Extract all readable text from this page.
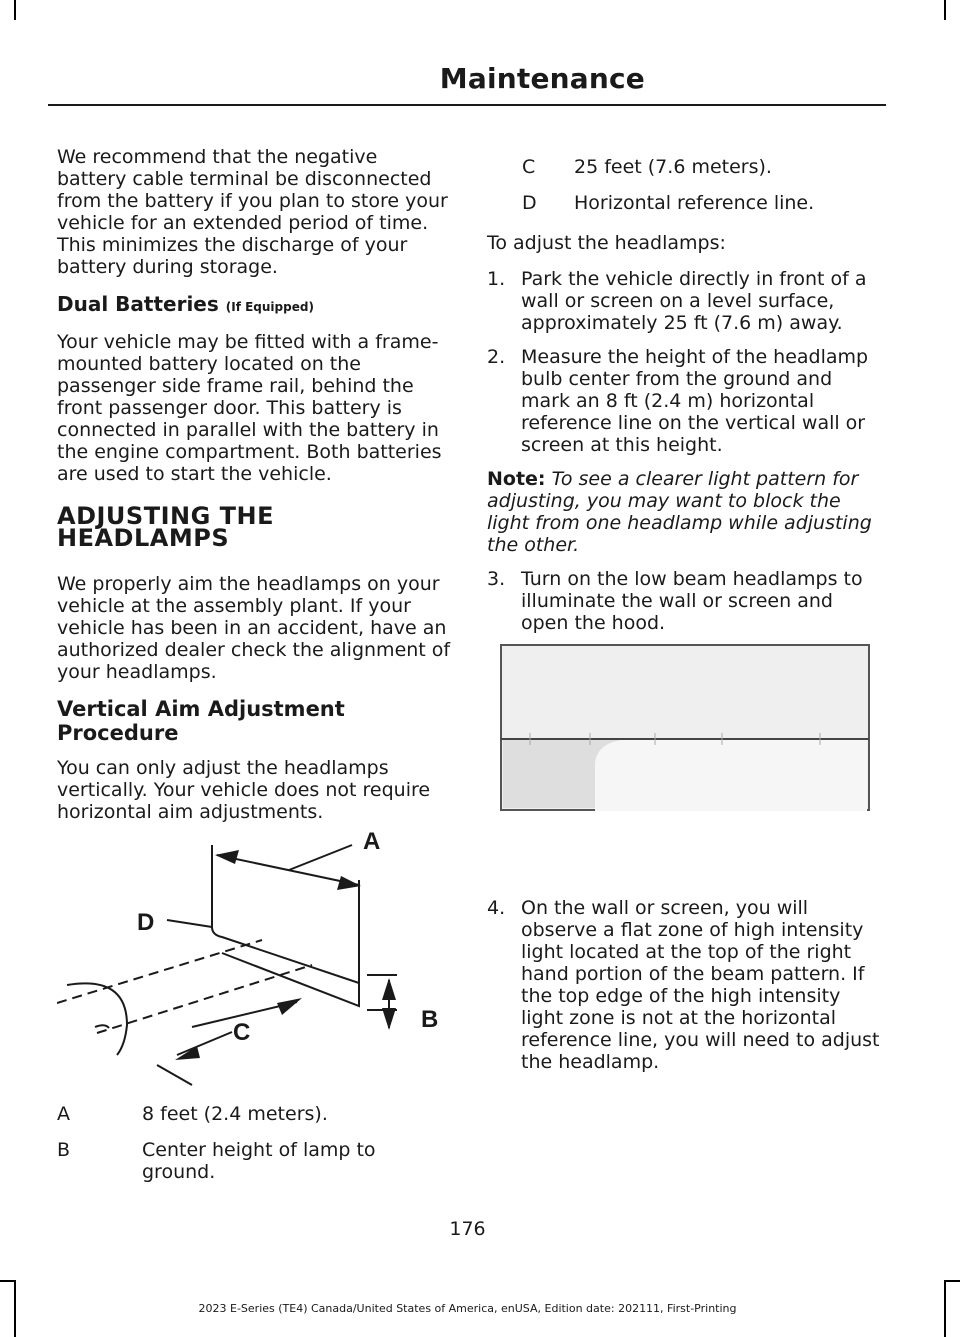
Maintenance

We recommend that the negative battery cable terminal be disconnected from the battery if you plan to store your vehicle for an extended period of time. This minimizes the discharge of your battery during storage.

Dual Batteries (If Equipped)

Your vehicle may be fitted with a frame-mounted battery located on the passenger side frame rail, behind the front passenger door. This battery is connected in parallel with the battery in the engine compartment. Both batteries are used to start the vehicle.

ADJUSTING THE HEADLAMPS

We properly aim the headlamps on your vehicle at the assembly plant. If your vehicle has been in an accident, have an authorized dealer check the alignment of your headlamps.

Vertical Aim Adjustment Procedure

You can only adjust the headlamps vertically. Your vehicle does not require horizontal aim adjustments.

A
B
C
D
A	8 feet (2.4 meters).
B	Center height of lamp to ground.
C	25 feet (7.6 meters).
D	Horizontal reference line.

To adjust the headlamps:

1. Park the vehicle directly in front of a wall or screen on a level surface, approximately 25 ft (7.6 m) away.
2. Measure the height of the headlamp bulb center from the ground and mark an 8 ft (2.4 m) horizontal reference line on the vertical wall or screen at this height.

Note: To see a clearer light pattern for adjusting, you may want to block the light from one headlamp while adjusting the other.

3. Turn on the low beam headlamps to illuminate the wall or screen and open the hood.
4. On the wall or screen, you will observe a flat zone of high intensity light located at the top of the right hand portion of the beam pattern. If the top edge of the high intensity light zone is not at the horizontal reference line, you will need to adjust the headlamp.
176
2023 E-Series (TE4) Canada/United States of America, enUSA, Edition date: 202111, First-Printing
